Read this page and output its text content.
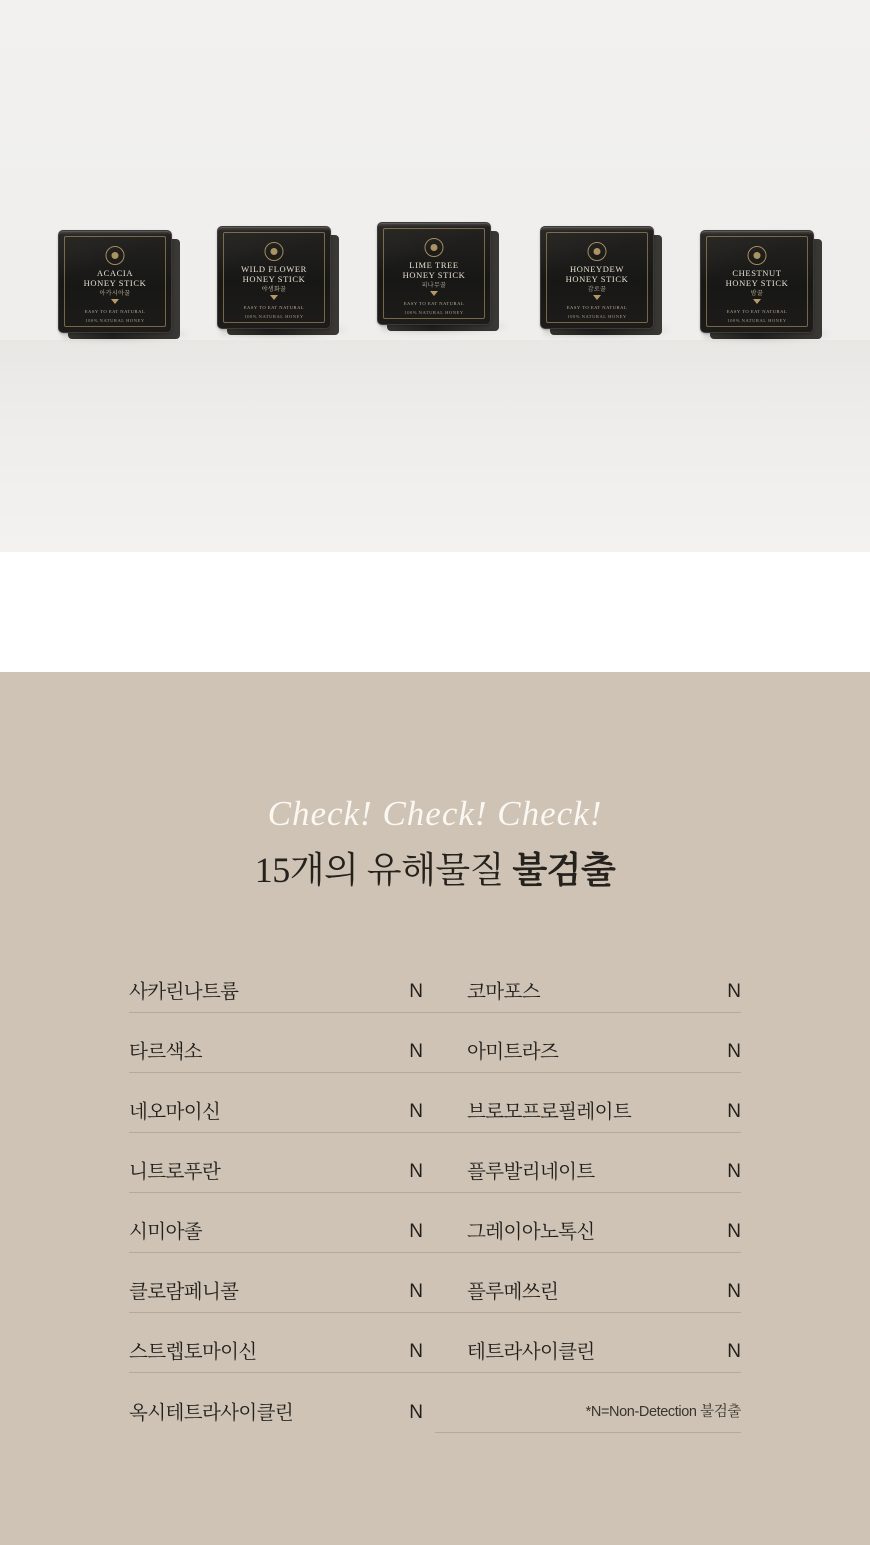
ACACIA
HONEY STICK
아카시아꿀
EASY TO EAT NATURAL
100% NATURAL HONEY
WILD FLOWER
HONEY STICK
야생화꿀
EASY TO EAT NATURAL
100% NATURAL HONEY
LIME TREE
HONEY STICK
피나무꿀
EASY TO EAT NATURAL
100% NATURAL HONEY
HONEYDEW
HONEY STICK
감로꿀
EASY TO EAT NATURAL
100% NATURAL HONEY
CHESTNUT
HONEY STICK
밤꿀
EASY TO EAT NATURAL
100% NATURAL HONEY
Check! Check! Check!
15개의 유해물질 불검출
사카린나트륨	N 코마포스	N
타르색소	N 아미트라즈	N
네오마이신	N 브로모프로필레이트	N
니트로푸란	N 플루발리네이트	N
시미아졸	N 그레이아노톡신	N
클로람페니콜	N 플루메쓰린	N
스트렙토마이신	N 테트라사이클린	N
옥시테트라사이클린	N	*N=Non-Detection 불검출
